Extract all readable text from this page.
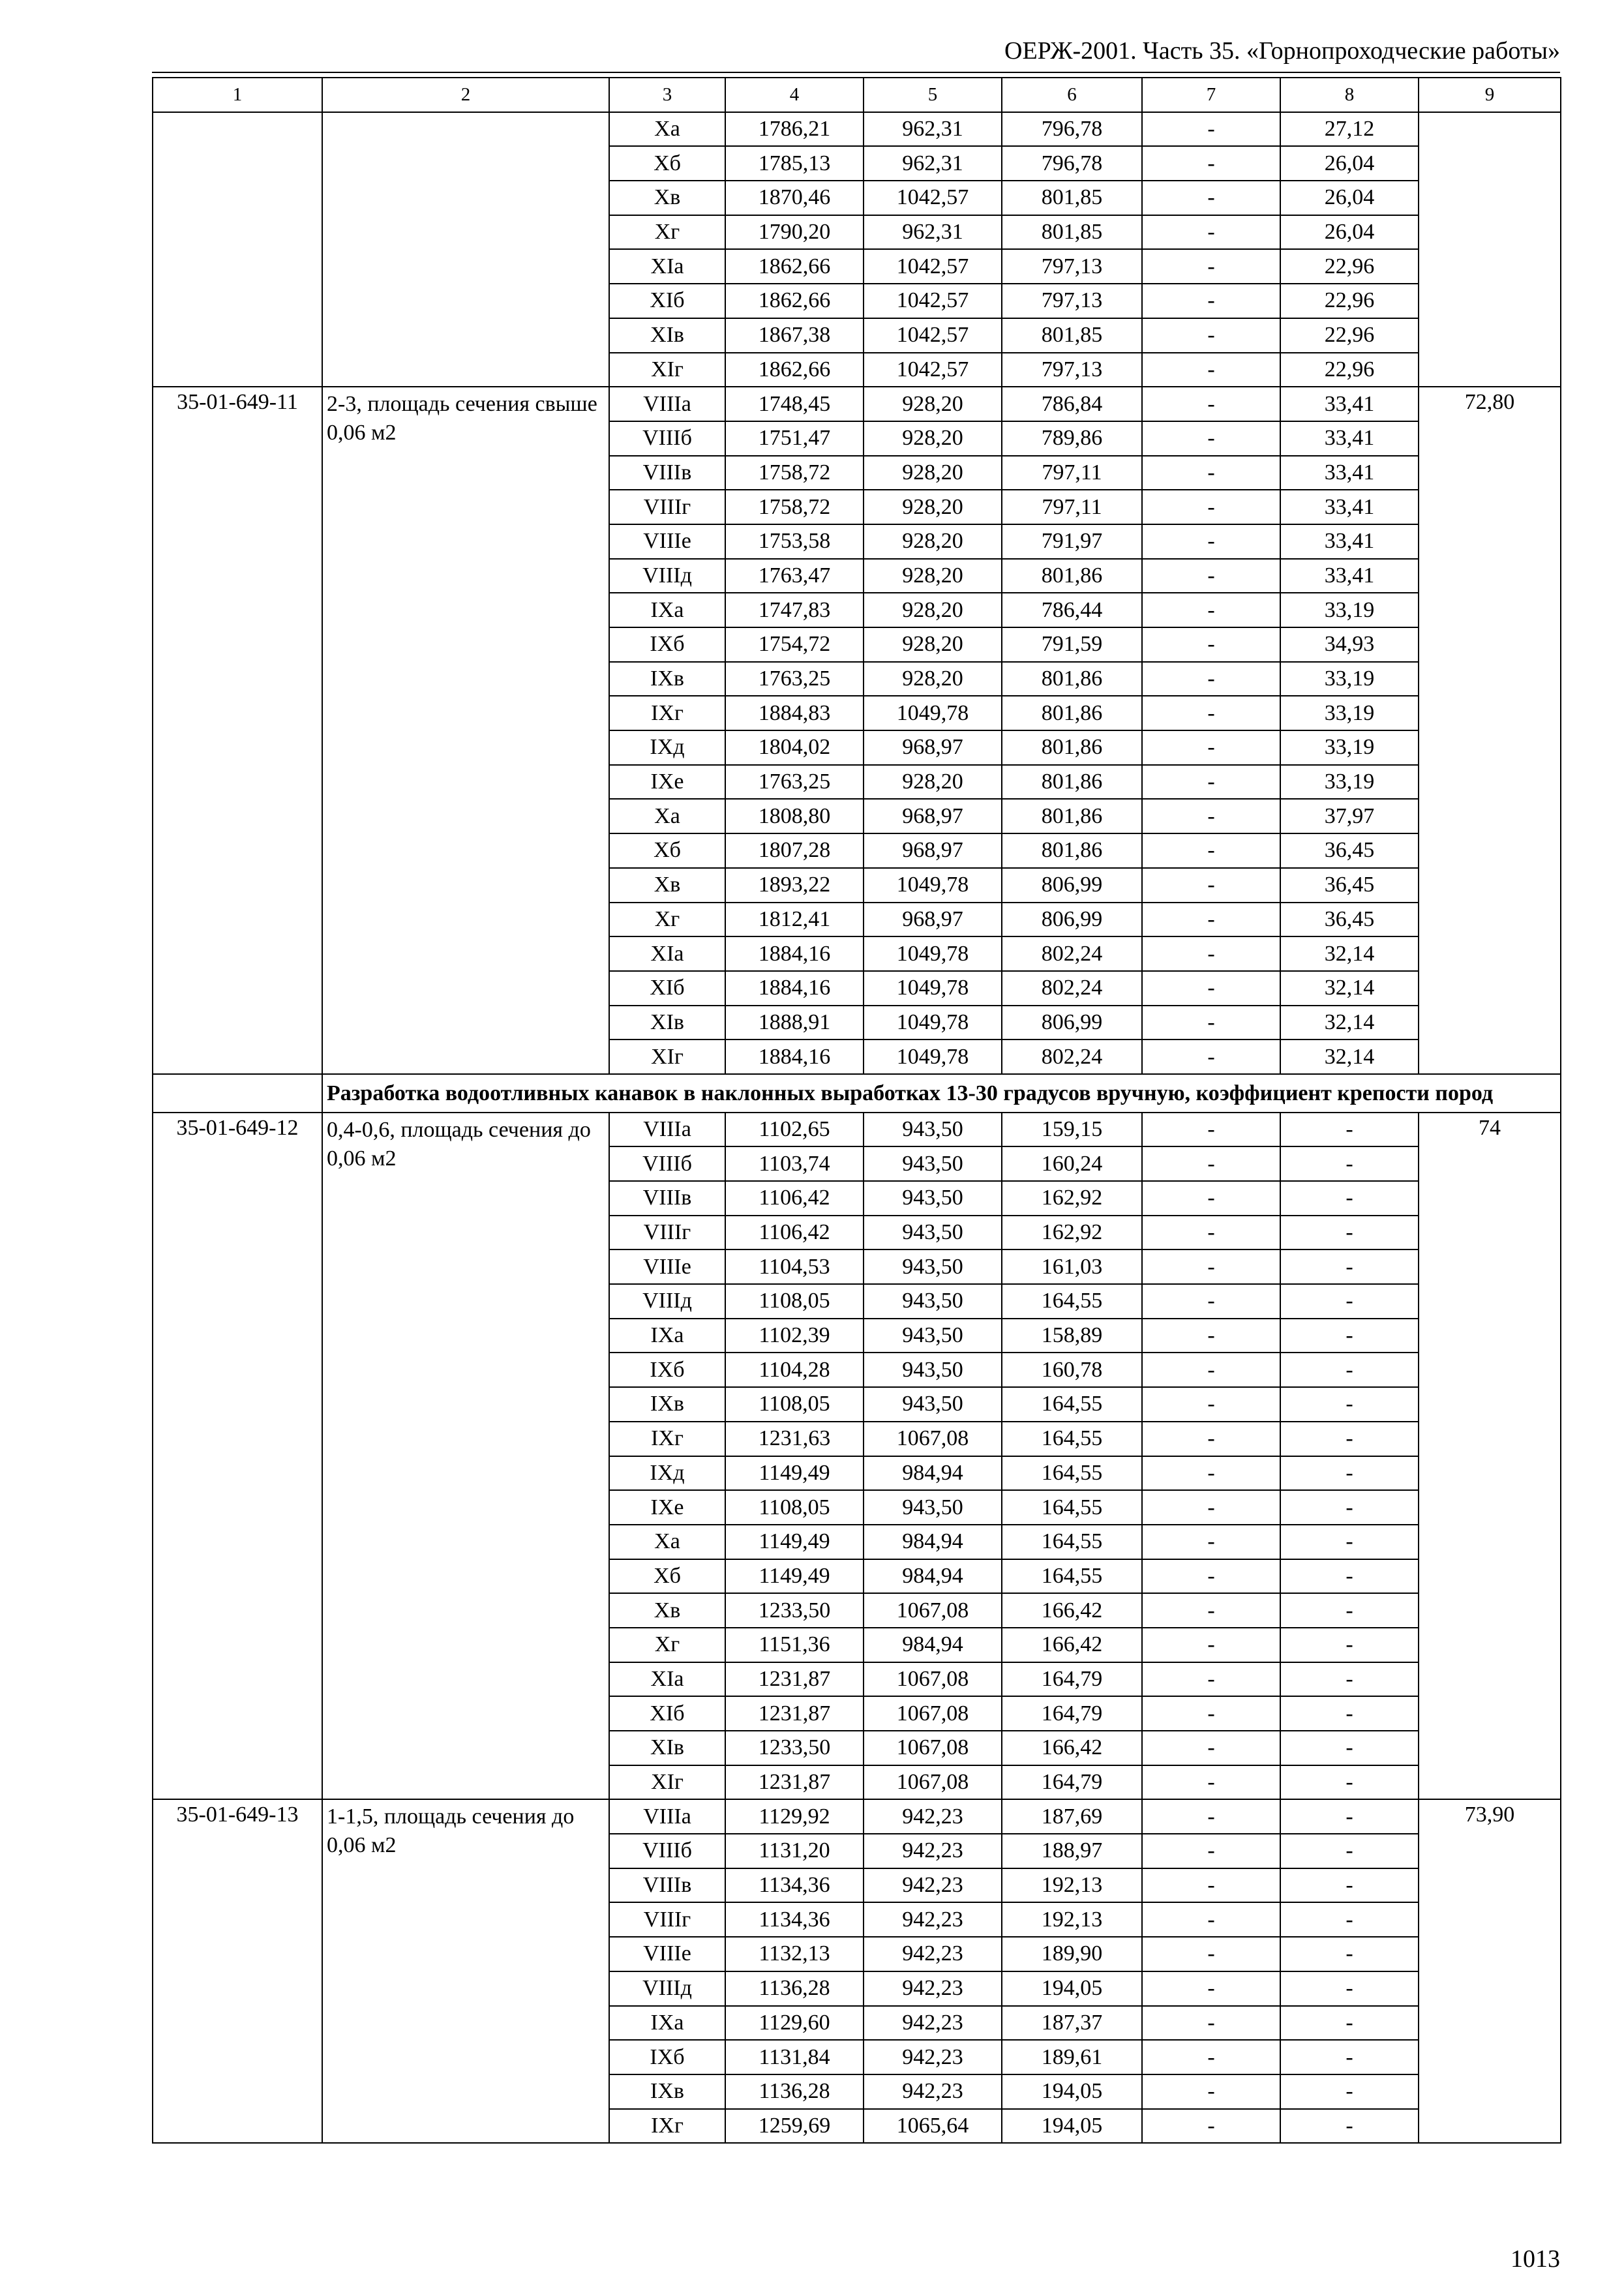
ОЕРЖ-2001. Часть 35. «Горнопроходческие работы»
1	2	3	4	5	6	7	8	9
		Xa	1786,21	962,31	796,78	-	27,12	
		Xб	1785,13	962,31	796,78	-	26,04	
		Xв	1870,46	1042,57	801,85	-	26,04	
		Xг	1790,20	962,31	801,85	-	26,04	
		XIa	1862,66	1042,57	797,13	-	22,96	
		XIб	1862,66	1042,57	797,13	-	22,96	
		XIв	1867,38	1042,57	801,85	-	22,96	
		XIг	1862,66	1042,57	797,13	-	22,96	
35-01-649-11	2-3, площадь сечения свыше 0,06 м2	VIIIa	1748,45	928,20	786,84	-	33,41	72,80
		VIIIб	1751,47	928,20	789,86	-	33,41	
		VIIIв	1758,72	928,20	797,11	-	33,41	
		VIIIг	1758,72	928,20	797,11	-	33,41	
		VIIIe	1753,58	928,20	791,97	-	33,41	
		VIIIд	1763,47	928,20	801,86	-	33,41	
		IXa	1747,83	928,20	786,44	-	33,19	
		IXб	1754,72	928,20	791,59	-	34,93	
		IXв	1763,25	928,20	801,86	-	33,19	
		IXг	1884,83	1049,78	801,86	-	33,19	
		IXд	1804,02	968,97	801,86	-	33,19	
		IXe	1763,25	928,20	801,86	-	33,19	
		Xa	1808,80	968,97	801,86	-	37,97	
		Xб	1807,28	968,97	801,86	-	36,45	
		Xв	1893,22	1049,78	806,99	-	36,45	
		Xг	1812,41	968,97	806,99	-	36,45	
		XIa	1884,16	1049,78	802,24	-	32,14	
		XIб	1884,16	1049,78	802,24	-	32,14	
		XIв	1888,91	1049,78	806,99	-	32,14	
		XIг	1884,16	1049,78	802,24	-	32,14	
	Разработка водоотливных канавок в наклонных выработках 13-30 градусов вручную, коэффициент крепости пород							
35-01-649-12	0,4-0,6, площадь сечения до 0,06 м2	VIIIa	1102,65	943,50	159,15	-	-	74
		VIIIб	1103,74	943,50	160,24	-	-	
		VIIIв	1106,42	943,50	162,92	-	-	
		VIIIг	1106,42	943,50	162,92	-	-	
		VIIIe	1104,53	943,50	161,03	-	-	
		VIIIд	1108,05	943,50	164,55	-	-	
		IXa	1102,39	943,50	158,89	-	-	
		IXб	1104,28	943,50	160,78	-	-	
		IXв	1108,05	943,50	164,55	-	-	
		IXг	1231,63	1067,08	164,55	-	-	
		IXд	1149,49	984,94	164,55	-	-	
		IXe	1108,05	943,50	164,55	-	-	
		Xa	1149,49	984,94	164,55	-	-	
		Xб	1149,49	984,94	164,55	-	-	
		Xв	1233,50	1067,08	166,42	-	-	
		Xг	1151,36	984,94	166,42	-	-	
		XIa	1231,87	1067,08	164,79	-	-	
		XIб	1231,87	1067,08	164,79	-	-	
		XIв	1233,50	1067,08	166,42	-	-	
		XIг	1231,87	1067,08	164,79	-	-	
35-01-649-13	1-1,5, площадь сечения до 0,06 м2	VIIIa	1129,92	942,23	187,69	-	-	73,90
		VIIIб	1131,20	942,23	188,97	-	-	
		VIIIв	1134,36	942,23	192,13	-	-	
		VIIIг	1134,36	942,23	192,13	-	-	
		VIIIe	1132,13	942,23	189,90	-	-	
		VIIIд	1136,28	942,23	194,05	-	-	
		IXa	1129,60	942,23	187,37	-	-	
		IXб	1131,84	942,23	189,61	-	-	
		IXв	1136,28	942,23	194,05	-	-	
		IXг	1259,69	1065,64	194,05	-	-	
1013
